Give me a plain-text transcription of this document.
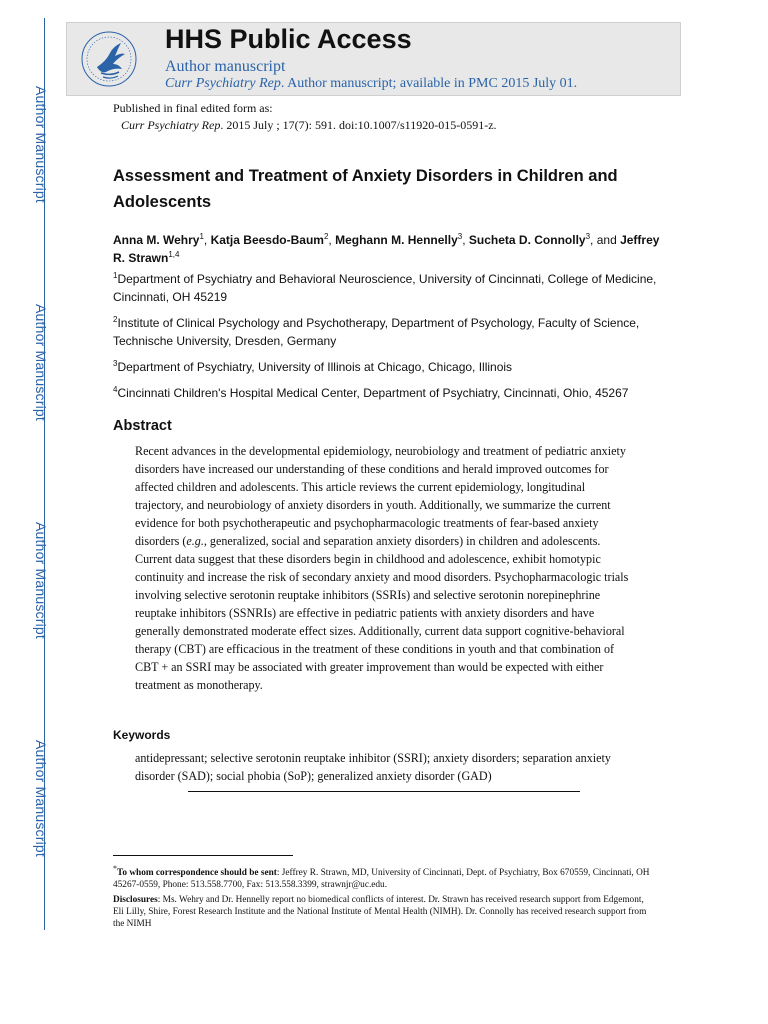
Author Manuscript
Author Manuscript
Author Manuscript
Author Manuscript
HHS Public Access
Author manuscript
Curr Psychiatry Rep. Author manuscript; available in PMC 2015 July 01.
Published in final edited form as:
Curr Psychiatry Rep. 2015 July ; 17(7): 591. doi:10.1007/s11920-015-0591-z.
Assessment and Treatment of Anxiety Disorders in Children and Adolescents
Anna M. Wehry$^1$, Katja Beesdo-Baum$^2$, Meghann M. Hennelly$^3$, Sucheta D. Connolly$^3$, and Jeffrey R. Strawn$^{1,4}$
$^1$Department of Psychiatry and Behavioral Neuroscience, University of Cincinnati, College of Medicine, Cincinnati, OH 45219
$^2$Institute of Clinical Psychology and Psychotherapy, Department of Psychology, Faculty of Science, Technische University, Dresden, Germany
$^3$Department of Psychiatry, University of Illinois at Chicago, Chicago, Illinois
$^4$Cincinnati Children's Hospital Medical Center, Department of Psychiatry, Cincinnati, Ohio, 45267
Abstract
Recent advances in the developmental epidemiology, neurobiology and treatment of pediatric anxiety disorders have increased our understanding of these conditions and herald improved outcomes for affected children and adolescents. This article reviews the current epidemiology, longitudinal trajectory, and neurobiology of anxiety disorders in youth. Additionally, we summarize the current evidence for both psychotherapeutic and psychopharmacologic treatments of fear-based anxiety disorders (e.g., generalized, social and separation anxiety disorders) in children and adolescents. Current data suggest that these disorders begin in childhood and adolescence, exhibit homotypic continuity and increase the risk of secondary anxiety and mood disorders. Psychopharmacologic trials involving selective serotonin reuptake inhibitors (SSRIs) and selective serotonin norepinephrine reuptake inhibitors (SSNRIs) are effective in pediatric patients with anxiety disorders and have generally demonstrated moderate effect sizes. Additionally, current data support cognitive-behavioral therapy (CBT) are efficacious in the treatment of these conditions in youth and that combination of CBT + an SSRI may be associated with greater improvement than would be expected with either treatment as monotherapy.
Keywords
antidepressant; selective serotonin reuptake inhibitor (SSRI); anxiety disorders; separation anxiety disorder (SAD); social phobia (SoP); generalized anxiety disorder (GAD)
*To whom correspondence should be sent: Jeffrey R. Strawn, MD, University of Cincinnati, Dept. of Psychiatry, Box 670559, Cincinnati, OH 45267-0559, Phone: 513.558.7700, Fax: 513.558.3399, strawnjr@uc.edu.
Disclosures: Ms. Wehry and Dr. Hennelly report no biomedical conflicts of interest. Dr. Strawn has received research support from Edgemont, Eli Lilly, Shire, Forest Research Institute and the National Institute of Mental Health (NIMH). Dr. Connolly has received research support from the NIMH
